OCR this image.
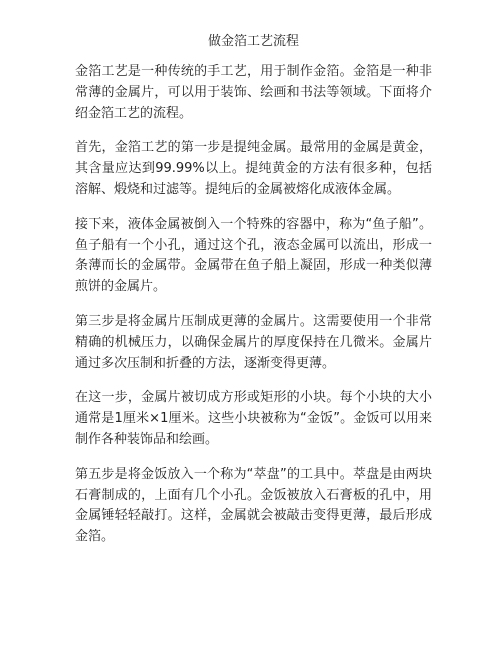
做金箔工艺流程

金箔工艺是一种传统的手工艺，用于制作金箔。金箔是一种非常薄的金属片，可以用于装饰、绘画和书法等领域。下面将介绍金箔工艺的流程。

首先，金箔工艺的第一步是提纯金属。最常用的金属是黄金，其含量应达到99.99%以上。提纯黄金的方法有很多种，包括溶解、煅烧和过滤等。提纯后的金属被熔化成液体金属。

接下来，液体金属被倒入一个特殊的容器中，称为“鱼子船”。鱼子船有一个小孔，通过这个孔，液态金属可以流出，形成一条薄而长的金属带。金属带在鱼子船上凝固，形成一种类似薄煎饼的金属片。

第三步是将金属片压制成更薄的金属片。这需要使用一个非常精确的机械压力，以确保金属片的厚度保持在几微米。金属片通过多次压制和折叠的方法，逐渐变得更薄。

在这一步，金属片被切成方形或矩形的小块。每个小块的大小通常是1厘米×1厘米。这些小块被称为“金饭”。金饭可以用来制作各种装饰品和绘画。

第五步是将金饭放入一个称为“萃盘”的工具中。萃盘是由两块石膏制成的，上面有几个小孔。金饭被放入石膏板的孔中，用金属锤轻轻敲打。这样，金属就会被敲击变得更薄，最后形成金箔。
